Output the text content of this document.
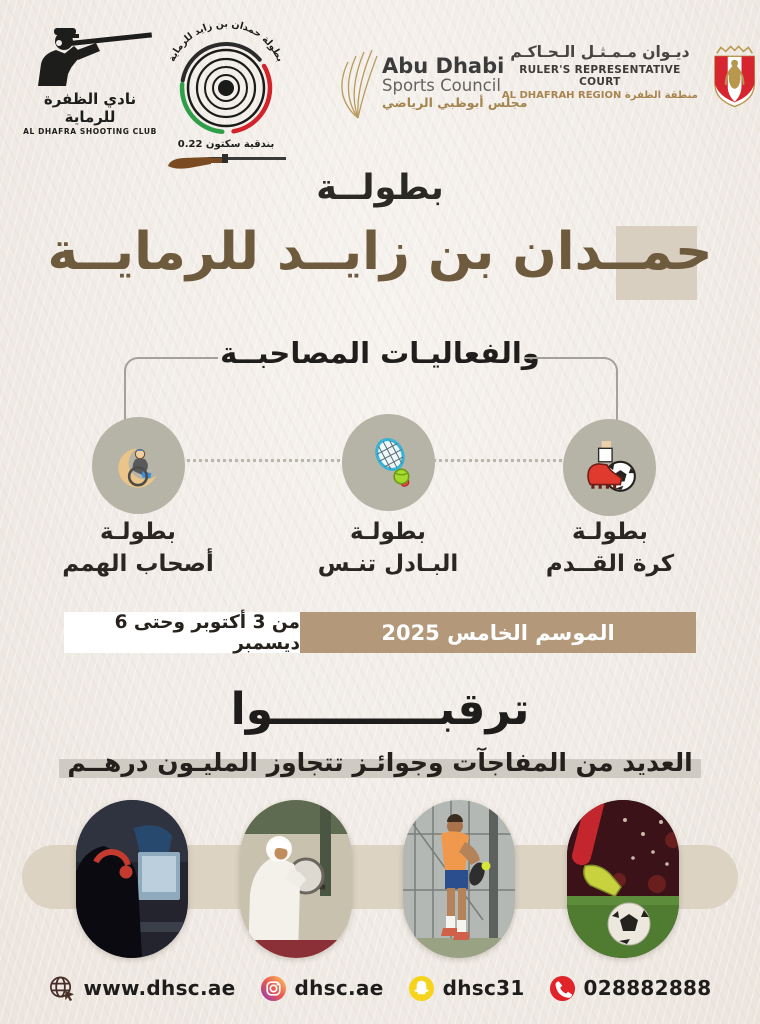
نادي الظفرة للرماية
AL DHAFRA SHOOTING CLUB
بطولة حمدان بن زايد للرماية
بندقية سكتون 0.22
Abu Dhabi
Sports Council
مجلس أبوظبي الرياضي
ديـوان مـمـثـل الـحـاكـم
RULER'S REPRESENTATIVE COURT
منطقة الظفرة AL DHAFRAH REGION
بطولــة
حمــدان بن زايــد للرمايــة
والفعاليـات المصاحبــة
بطولـة
أصحاب الهمم
بطولـة
البـادل تنـس
بطولـة
كرة القــدم
من 3 أكتوبر وحتى 6 ديسمبر	الموسم الخامس 2025
ترقبـــــــــــوا
العديد من المفاجآت وجوائـز تتجاوز المليـون درهــم
www.dhsc.ae	dhsc.ae	dhsc31	028882888
